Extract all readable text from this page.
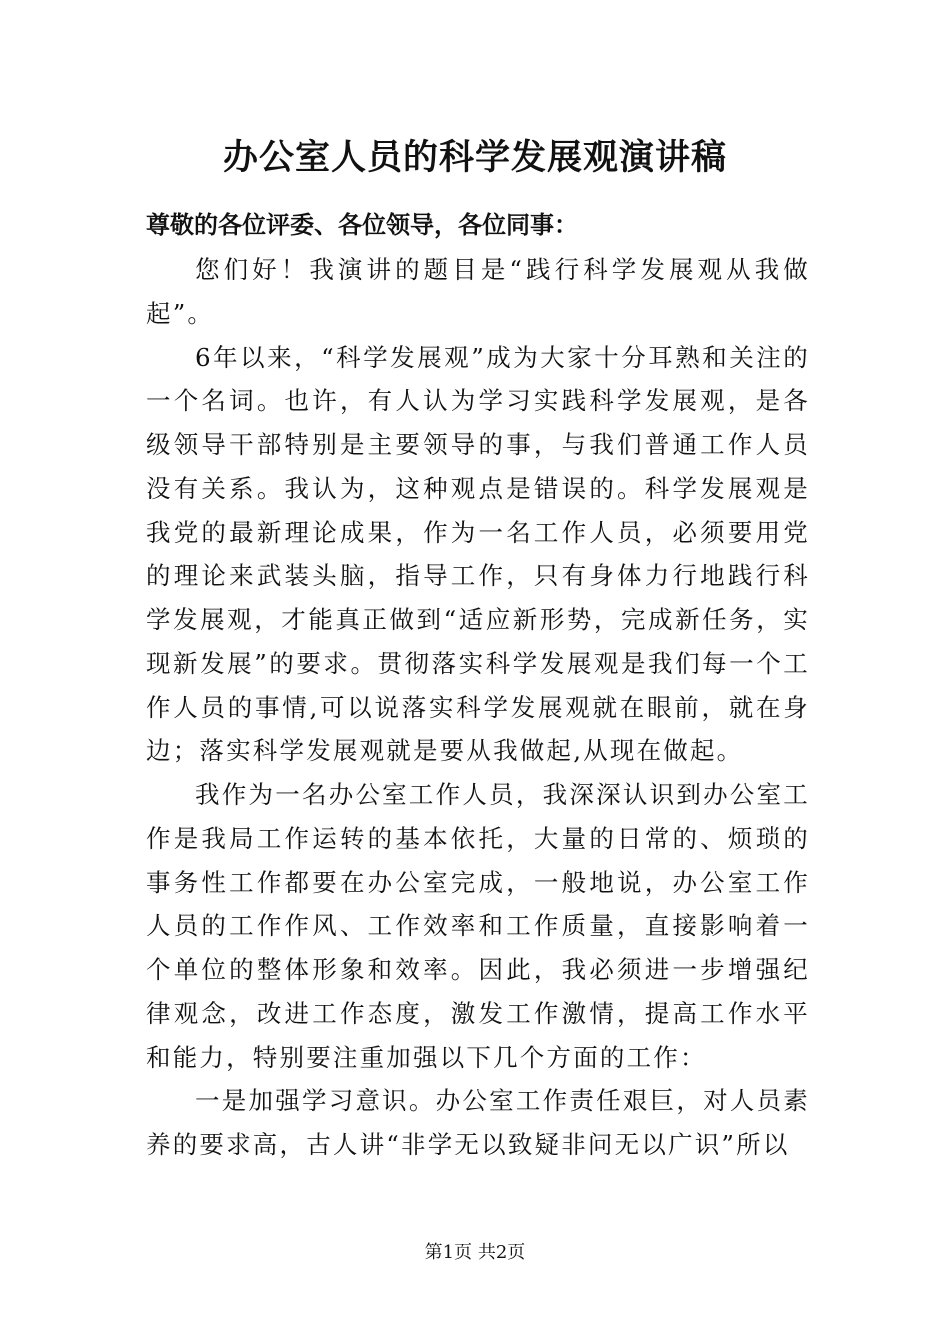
办公室人员的科学发展观演讲稿
尊敬的各位评委、各位领导，各位同事：

您们好！我演讲的题目是“践行科学发展观从我做起”。

6年以来，“科学发展观”成为大家十分耳熟和关注的一个名词。也许，有人认为学习实践科学发展观，是各级领导干部特别是主要领导的事，与我们普通工作人员没有关系。我认为，这种观点是错误的。科学发展观是我党的最新理论成果，作为一名工作人员，必须要用党的理论来武装头脑，指导工作，只有身体力行地践行科学发展观，才能真正做到“适应新形势，完成新任务，实现新发展”的要求。贯彻落实科学发展观是我们每一个工作人员的事情,可以说落实科学发展观就在眼前，就在身边；落实科学发展观就是要从我做起,从现在做起。

我作为一名办公室工作人员，我深深认识到办公室工作是我局工作运转的基本依托，大量的日常的、烦琐的事务性工作都要在办公室完成，一般地说，办公室工作人员的工作作风、工作效率和工作质量，直接影响着一个单位的整体形象和效率。因此，我必须进一步增强纪律观念，改进工作态度，激发工作激情，提高工作水平和能力，特别要注重加强以下几个方面的工作：

一是加强学习意识。办公室工作责任艰巨，对人员素养的要求高，古人讲“非学无以致疑非问无以广识”所以

第1页 共2页
